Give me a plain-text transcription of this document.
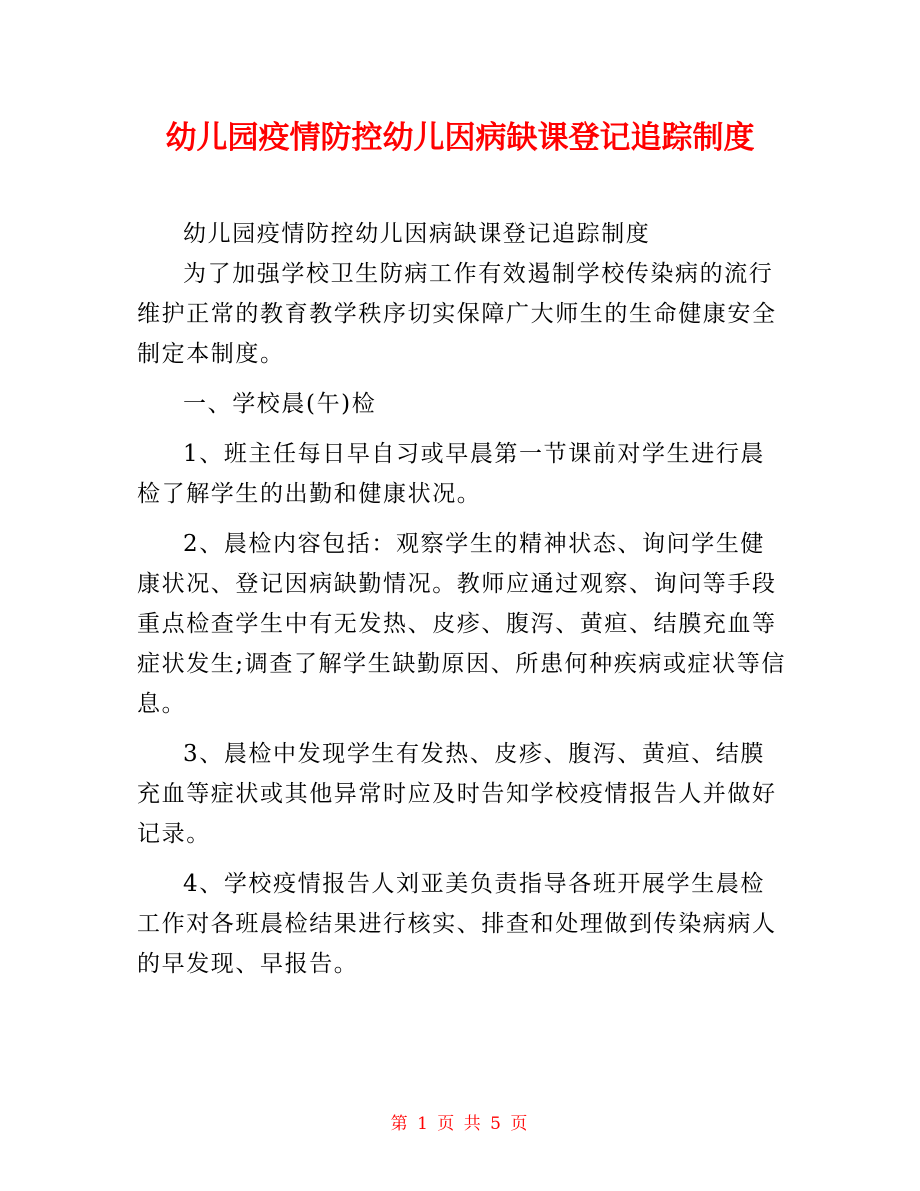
幼儿园疫情防控幼儿因病缺课登记追踪制度

幼儿园疫情防控幼儿因病缺课登记追踪制度

为了加强学校卫生防病工作有效遏制学校传染病的流行维护正常的教育教学秩序切实保障广大师生的生命健康安全制定本制度。

一、学校晨(午)检

1、班主任每日早自习或早晨第一节课前对学生进行晨检了解学生的出勤和健康状况。

2、晨检内容包括：观察学生的精神状态、询问学生健康状况、登记因病缺勤情况。教师应通过观察、询问等手段重点检查学生中有无发热、皮疹、腹泻、黄疸、结膜充血等症状发生;调查了解学生缺勤原因、所患何种疾病或症状等信息。

3、晨检中发现学生有发热、皮疹、腹泻、黄疸、结膜充血等症状或其他异常时应及时告知学校疫情报告人并做好记录。

4、学校疫情报告人刘亚美负责指导各班开展学生晨检工作对各班晨检结果进行核实、排查和处理做到传染病病人的早发现、早报告。

第 1 页 共 5 页
